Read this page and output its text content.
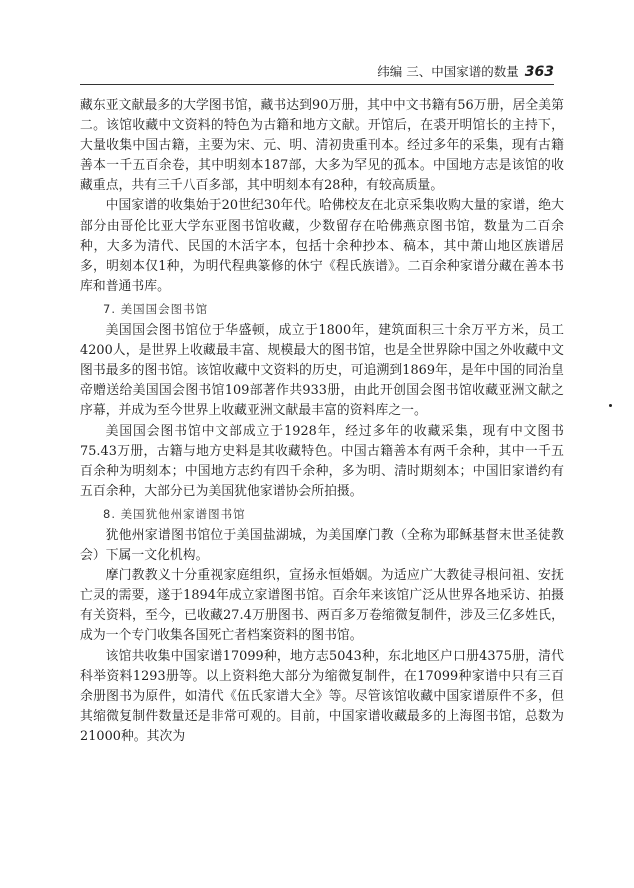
纬编 三、中国家谱的数量 363

藏东亚文献最多的大学图书馆，藏书达到90万册，其中中文书籍有56万册，居全美第二。该馆收藏中文资料的特色为古籍和地方文献。开馆后，在裘开明馆长的主持下，大量收集中国古籍，主要为宋、元、明、清初贵重刊本。经过多年的采集，现有古籍善本一千五百余卷，其中明刻本187部，大多为罕见的孤本。中国地方志是该馆的收藏重点，共有三千八百多部，其中明刻本有28种，有较高质量。

中国家谱的收集始于20世纪30年代。哈佛校友在北京采集收购大量的家谱，绝大部分由哥伦比亚大学东亚图书馆收藏，少数留存在哈佛燕京图书馆，数量为二百余种，大多为清代、民国的木活字本，包括十余种抄本、稿本，其中萧山地区族谱居多，明刻本仅1种，为明代程典篆修的休宁《程氏族谱》。二百余种家谱分藏在善本书库和普通书库。

7. 美国国会图书馆

美国国会图书馆位于华盛顿，成立于1800年，建筑面积三十余万平方米，员工4200人，是世界上收藏最丰富、规模最大的图书馆，也是全世界除中国之外收藏中文图书最多的图书馆。该馆收藏中文资料的历史，可追溯到1869年，是年中国的同治皇帝赠送给美国国会图书馆109部著作共933册，由此开创国会图书馆收藏亚洲文献之序幕，并成为至今世界上收藏亚洲文献最丰富的资料库之一。

美国国会图书馆中文部成立于1928年，经过多年的收藏采集，现有中文图书75.43万册，古籍与地方史料是其收藏特色。中国古籍善本有两千余种，其中一千五百余种为明刻本；中国地方志约有四千余种，多为明、清时期刻本；中国旧家谱约有五百余种，大部分已为美国犹他家谱协会所拍摄。

8. 美国犹他州家谱图书馆

犹他州家谱图书馆位于美国盐湖城，为美国摩门教（全称为耶稣基督末世圣徒教会）下属一文化机构。

摩门教教义十分重视家庭组织，宣扬永恒婚姻。为适应广大教徒寻根问祖、安抚亡灵的需要，遂于1894年成立家谱图书馆。百余年来该馆广泛从世界各地采访、拍摄有关资料，至今，已收藏27.4万册图书、两百多万卷缩微复制件，涉及三亿多姓氏，成为一个专门收集各国死亡者档案资料的图书馆。

该馆共收集中国家谱17099种，地方志5043种，东北地区户口册4375册，清代科举资料1293册等。以上资料绝大部分为缩微复制件，在17099种家谱中只有三百余册图书为原件，如清代《伍氏家谱大全》等。尽管该馆收藏中国家谱原件不多，但其缩微复制件数量还是非常可观的。目前，中国家谱收藏最多的上海图书馆，总数为21000种。其次为
